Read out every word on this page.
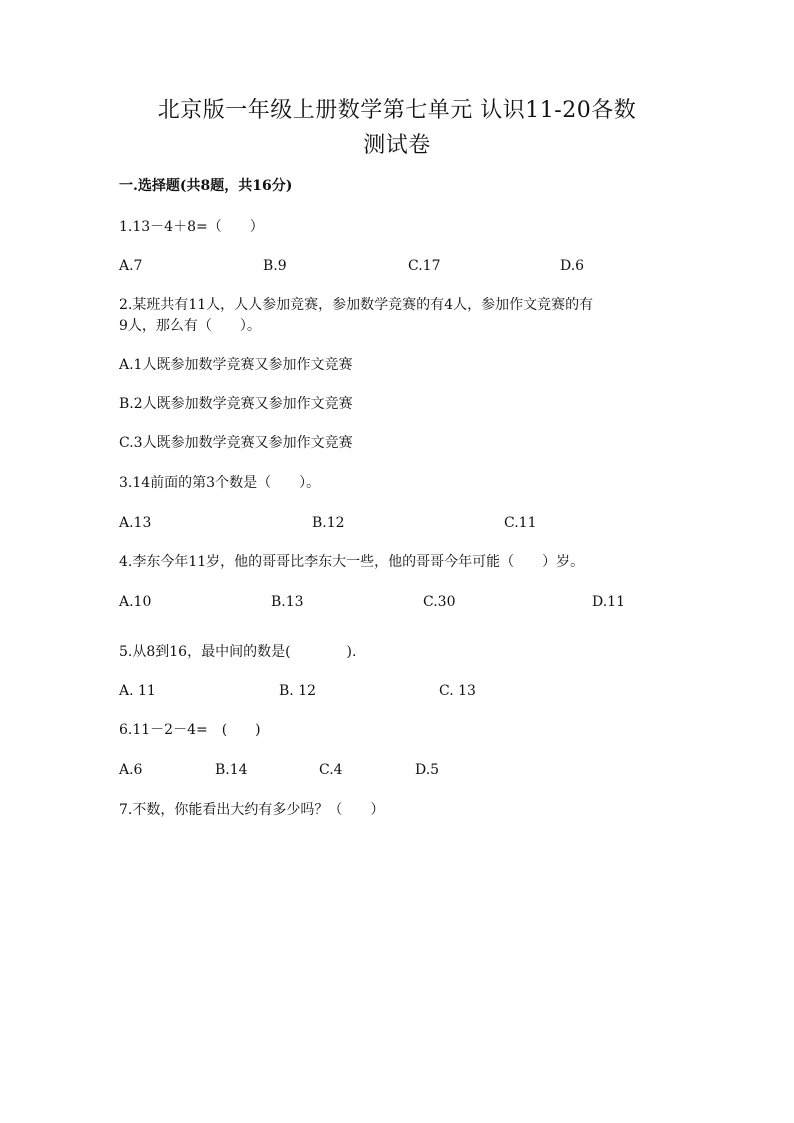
北京版一年级上册数学第七单元 认识11-20各数
测试卷
一.选择题(共8题，共16分)
1.13－4＋8=（　　）
A.7	B.9	C.17	D.6
2.某班共有11人，人人参加竞赛，参加数学竞赛的有4人，参加作文竞赛的有
9人，那么有（　　）。
A.1人既参加数学竞赛又参加作文竞赛
B.2人既参加数学竞赛又参加作文竞赛
C.3人既参加数学竞赛又参加作文竞赛
3.14前面的第3个数是（　　）。
A.13	B.12	C.11
4.李东今年11岁，他的哥哥比李东大一些，他的哥哥今年可能（　　）岁。
A.10	B.13	C.30	D.11
5.从8到16，最中间的数是(　　　　).
A. 11	B. 12	C. 13
6.11－2－4=　(　　)
A.6	B.14	C.4	D.5
7.不数，你能看出大约有多少吗？（　　）
